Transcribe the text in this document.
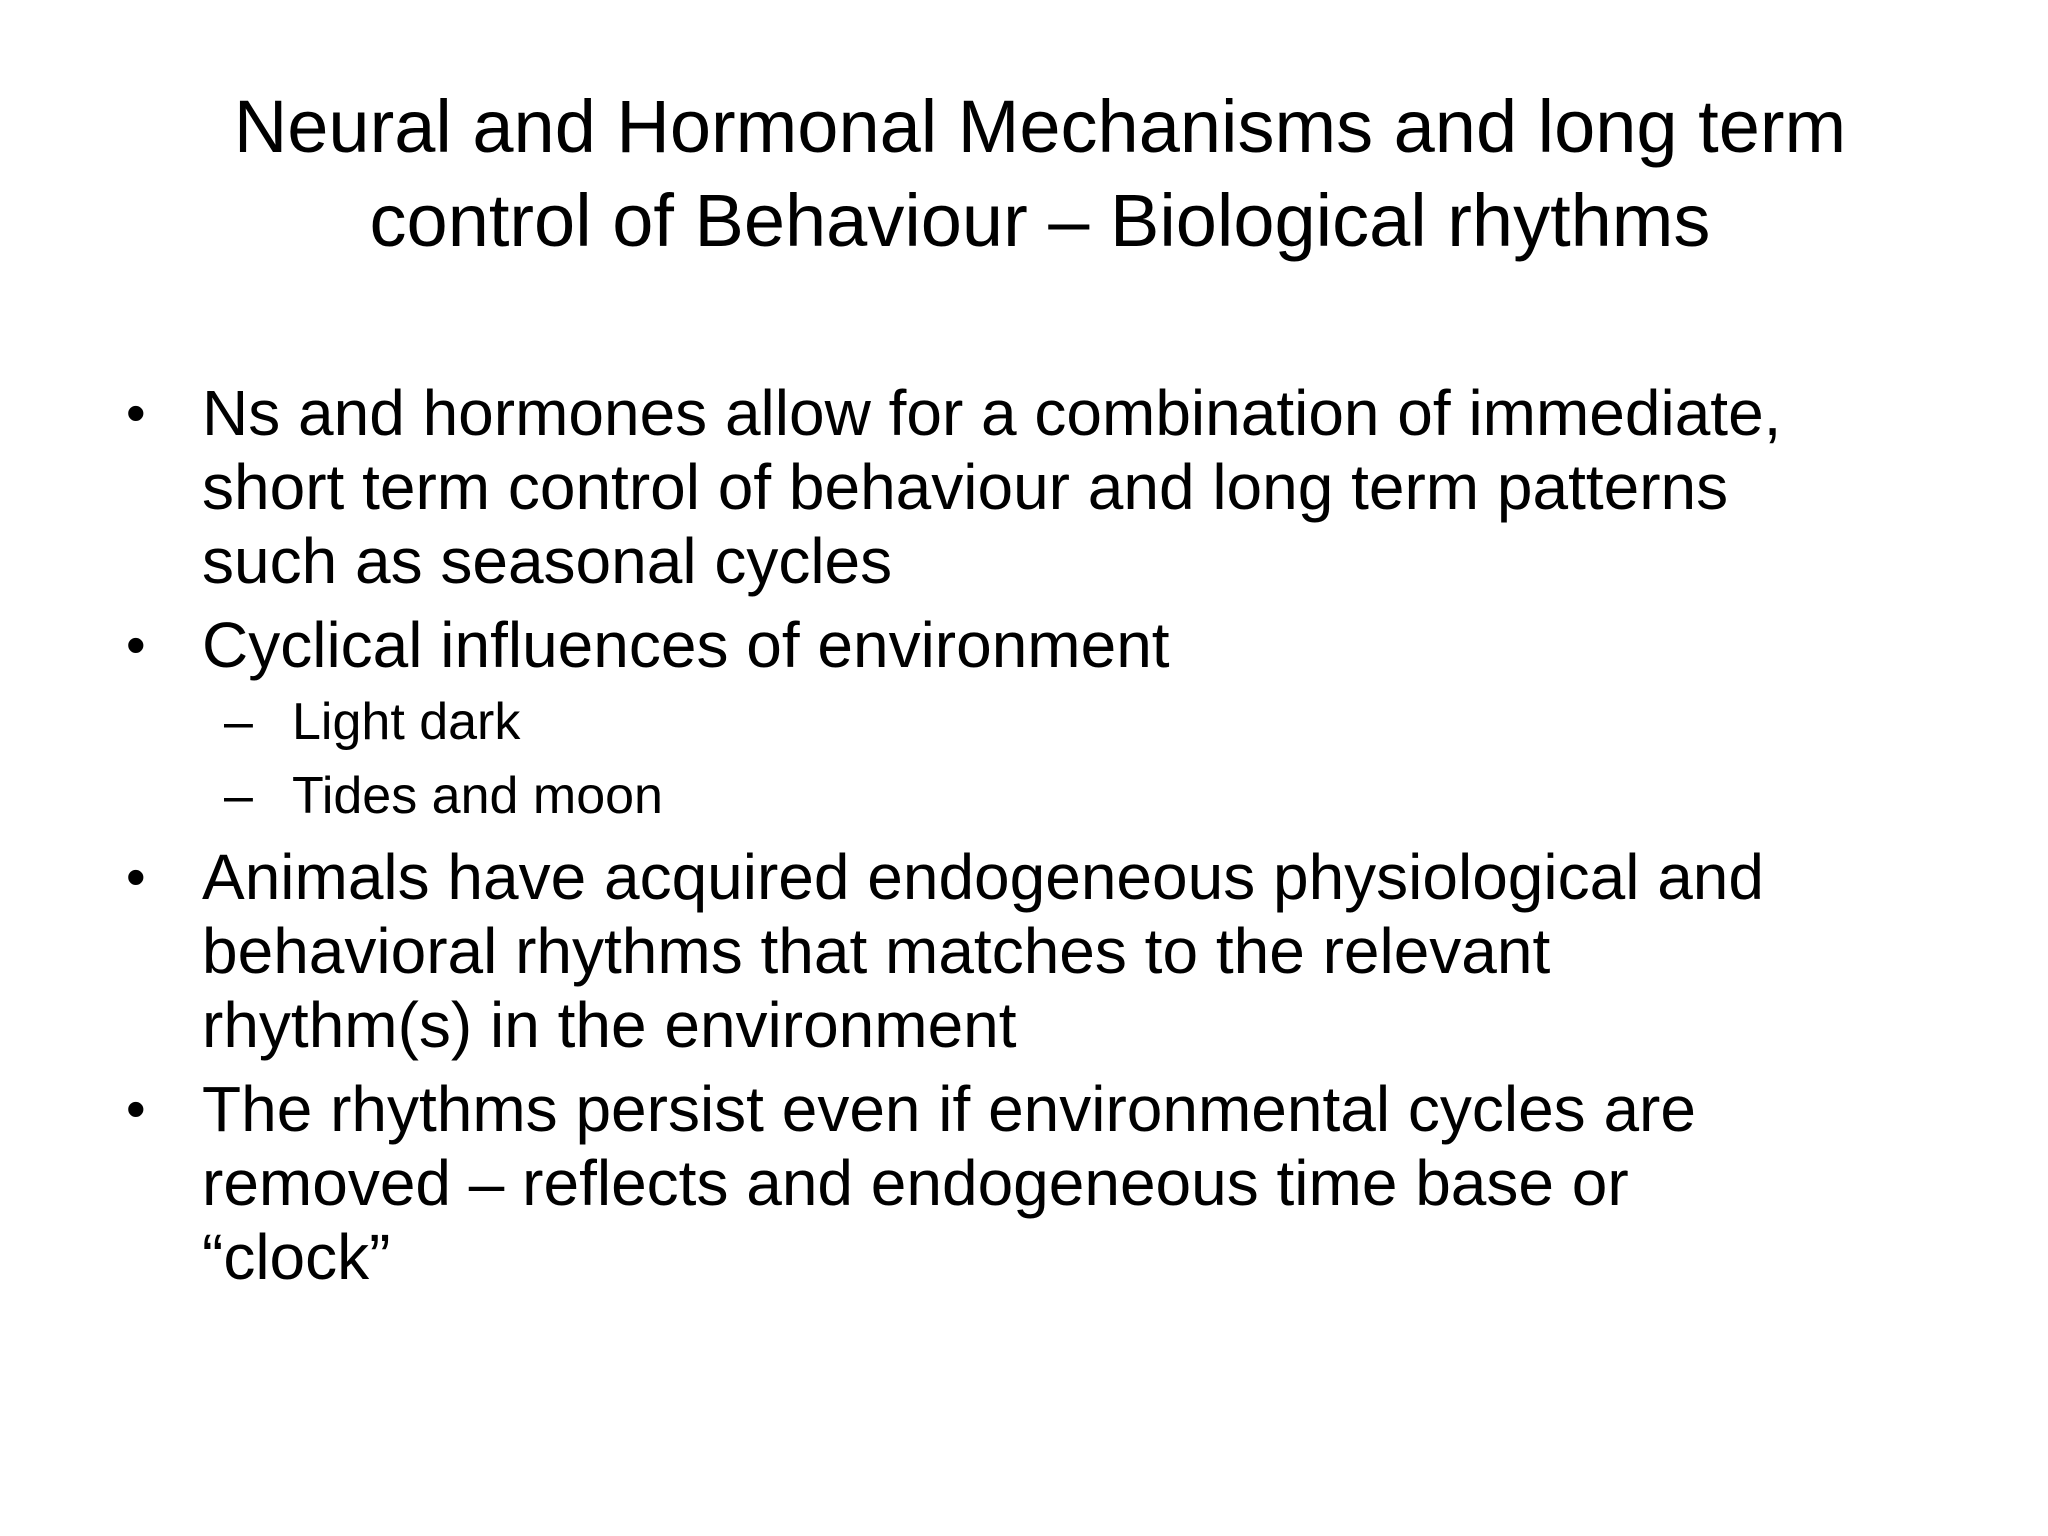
Neural and Hormonal Mechanisms and long term
control of Behaviour – Biological rhythms
• Ns and hormones allow for a combination of immediate,
short term control of behaviour and long term patterns
such as seasonal cycles
• Cyclical influences of environment
– Light dark
– Tides and moon
• Animals have acquired endogeneous physiological and
behavioral rhythms that matches to the relevant
rhythm(s) in the environment
• The rhythms persist even if environmental cycles are
removed – reflects and endogeneous time base or
“clock”
